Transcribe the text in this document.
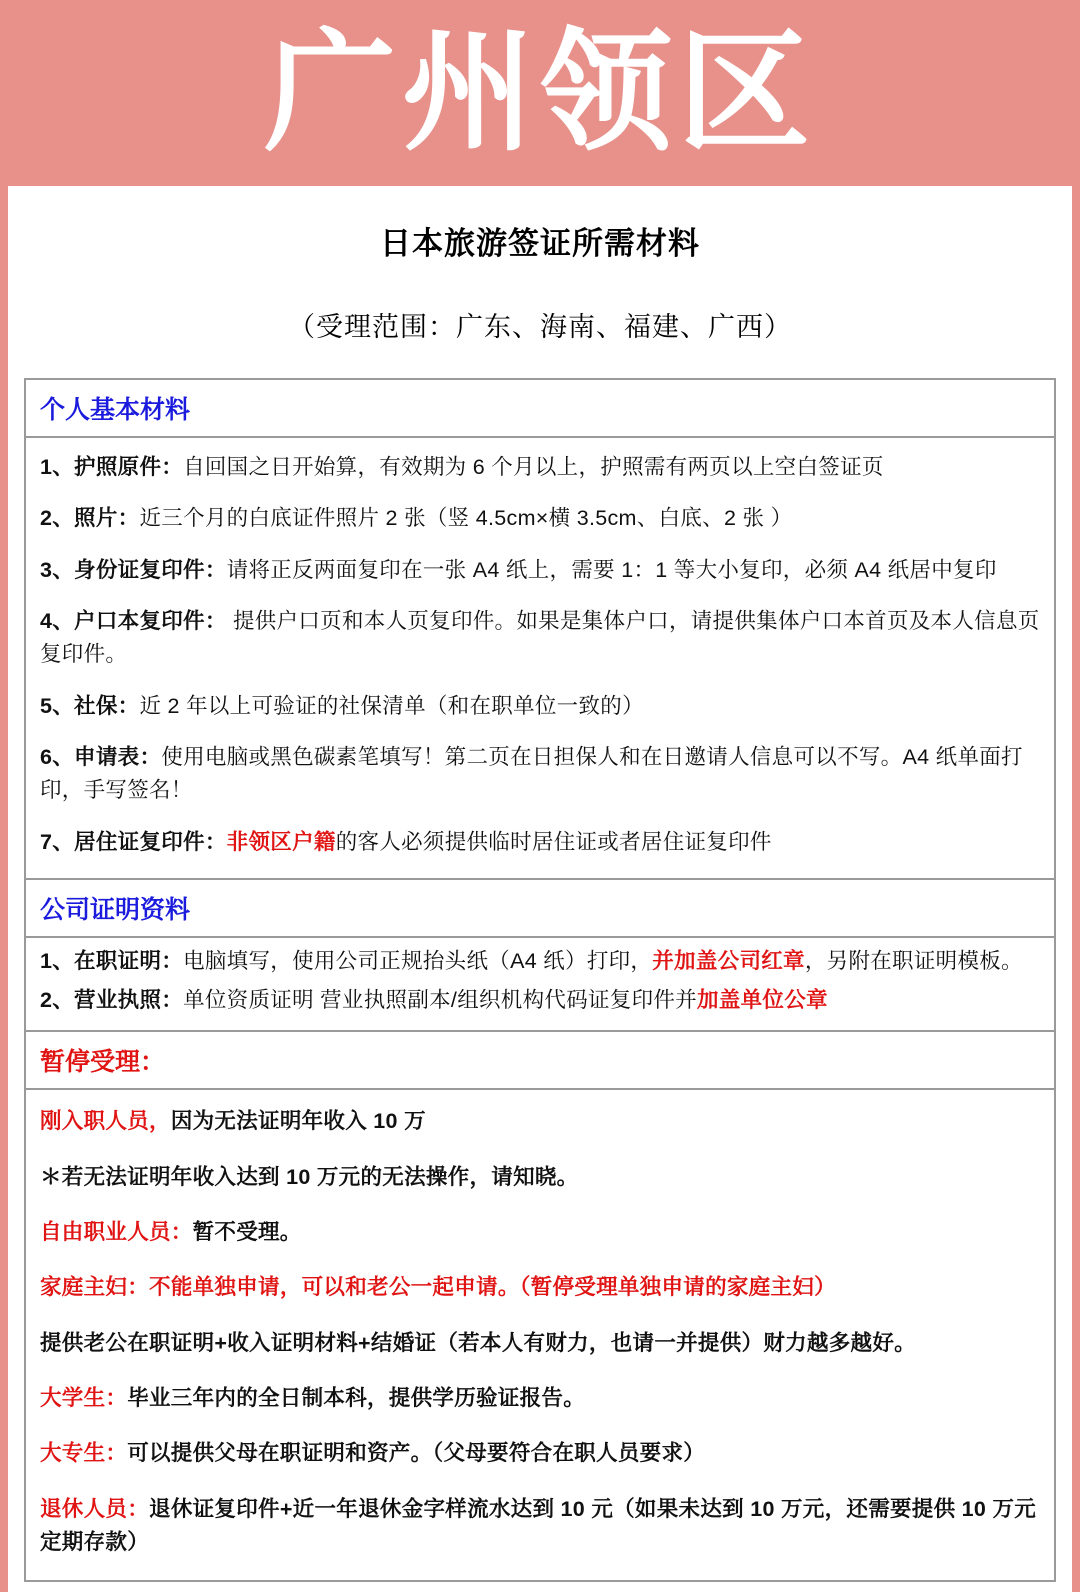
广州领区
日本旅游签证所需材料
（受理范围：广东、海南、福建、广西）
个人基本材料
1、护照原件：自回国之日开始算，有效期为 6 个月以上，护照需有两页以上空白签证页
2、照片：近三个月的白底证件照片 2 张（竖 4.5cm×横 3.5cm、白底、2 张 ）
3、身份证复印件：请将正反两面复印在一张 A4 纸上，需要 1：1 等大小复印，必须 A4 纸居中复印
4、户口本复印件： 提供户口页和本人页复印件。如果是集体户口，请提供集体户口本首页及本人信息页复印件。
5、社保：近 2 年以上可验证的社保清单（和在职单位一致的）
6、申请表：使用电脑或黑色碳素笔填写！第二页在日担保人和在日邀请人信息可以不写。A4 纸单面打印，手写签名！
7、居住证复印件：非领区户籍的客人必须提供临时居住证或者居住证复印件
公司证明资料
1、在职证明：电脑填写，使用公司正规抬头纸（A4 纸）打印，并加盖公司红章，另附在职证明模板。
2、营业执照：单位资质证明 营业执照副本/组织机构代码证复印件并加盖单位公章
暂停受理：
刚入职人员，因为无法证明年收入 10 万
＊若无法证明年收入达到 10 万元的无法操作，请知晓。
自由职业人员：暂不受理。
家庭主妇：不能单独申请，可以和老公一起申请。（暂停受理单独申请的家庭主妇）
提供老公在职证明+收入证明材料+结婚证（若本人有财力，也请一并提供）财力越多越好。
大学生：毕业三年内的全日制本科，提供学历验证报告。
大专生：可以提供父母在职证明和资产。（父母要符合在职人员要求）
退休人员：退休证复印件+近一年退休金字样流水达到 10 元（如果未达到 10 万元，还需要提供 10 万元定期存款）
